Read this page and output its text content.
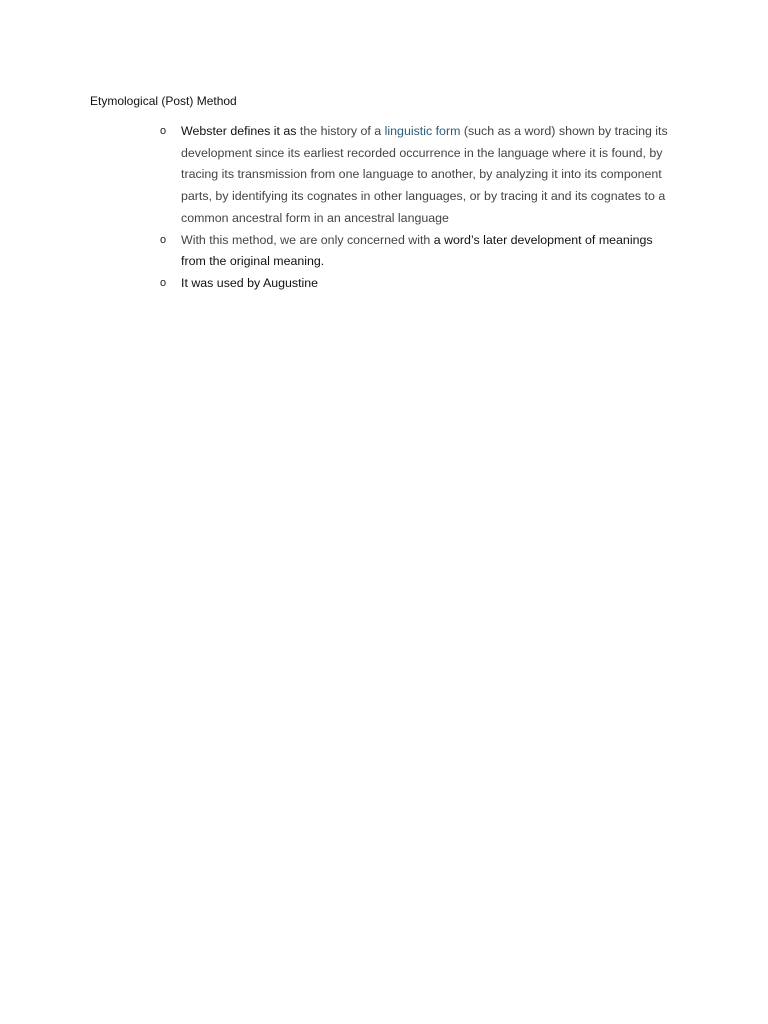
Etymological (Post) Method
o Webster defines it as the history of a linguistic form (such as a word) shown by tracing its development since its earliest recorded occurrence in the language where it is found, by tracing its transmission from one language to another, by analyzing it into its component parts, by identifying its cognates in other languages, or by tracing it and its cognates to a common ancestral form in an ancestral language
o With this method, we are only concerned with a word’s later development of meanings from the original meaning.
o It was used by Augustine
